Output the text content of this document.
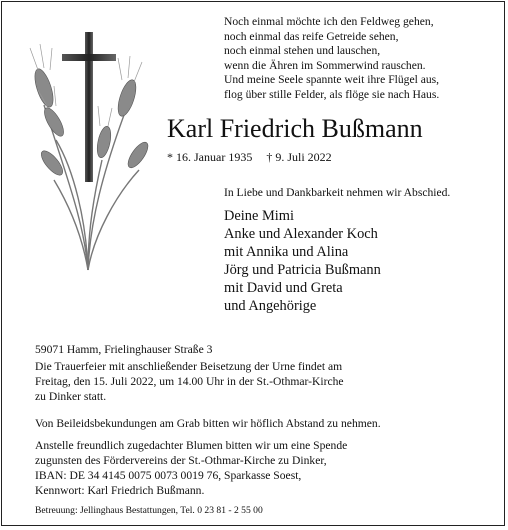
Noch einmal möchte ich den Feldweg gehen,
noch einmal das reife Getreide sehen,
noch einmal stehen und lauschen,
wenn die Ähren im Sommerwind rauschen.
Und meine Seele spannte weit ihre Flügel aus,
flog über stille Felder, als flöge sie nach Haus.
Karl Friedrich Bußmann
* 16. Januar 1935 † 9. Juli 2022
In Liebe und Dankbarkeit nehmen wir Abschied.
Deine Mimi
Anke und Alexander Koch
mit Annika und Alina
Jörg und Patricia Bußmann
mit David und Greta
und Angehörige
59071 Hamm, Frielinghauser Straße 3
Die Trauerfeier mit anschließender Beisetzung der Urne findet am
Freitag, den 15. Juli 2022, um 14.00 Uhr in der St.-Othmar-Kirche
zu Dinker statt.
Von Beileidsbekundungen am Grab bitten wir höflich Abstand zu nehmen.
Anstelle freundlich zugedachter Blumen bitten wir um eine Spende
zugunsten des Fördervereins der St.-Othmar-Kirche zu Dinker,
IBAN: DE 34 4145 0075 0073 0019 76, Sparkasse Soest,
Kennwort: Karl Friedrich Bußmann.
Betreuung: Jellinghaus Bestattungen, Tel. 0 23 81 - 2 55 00
